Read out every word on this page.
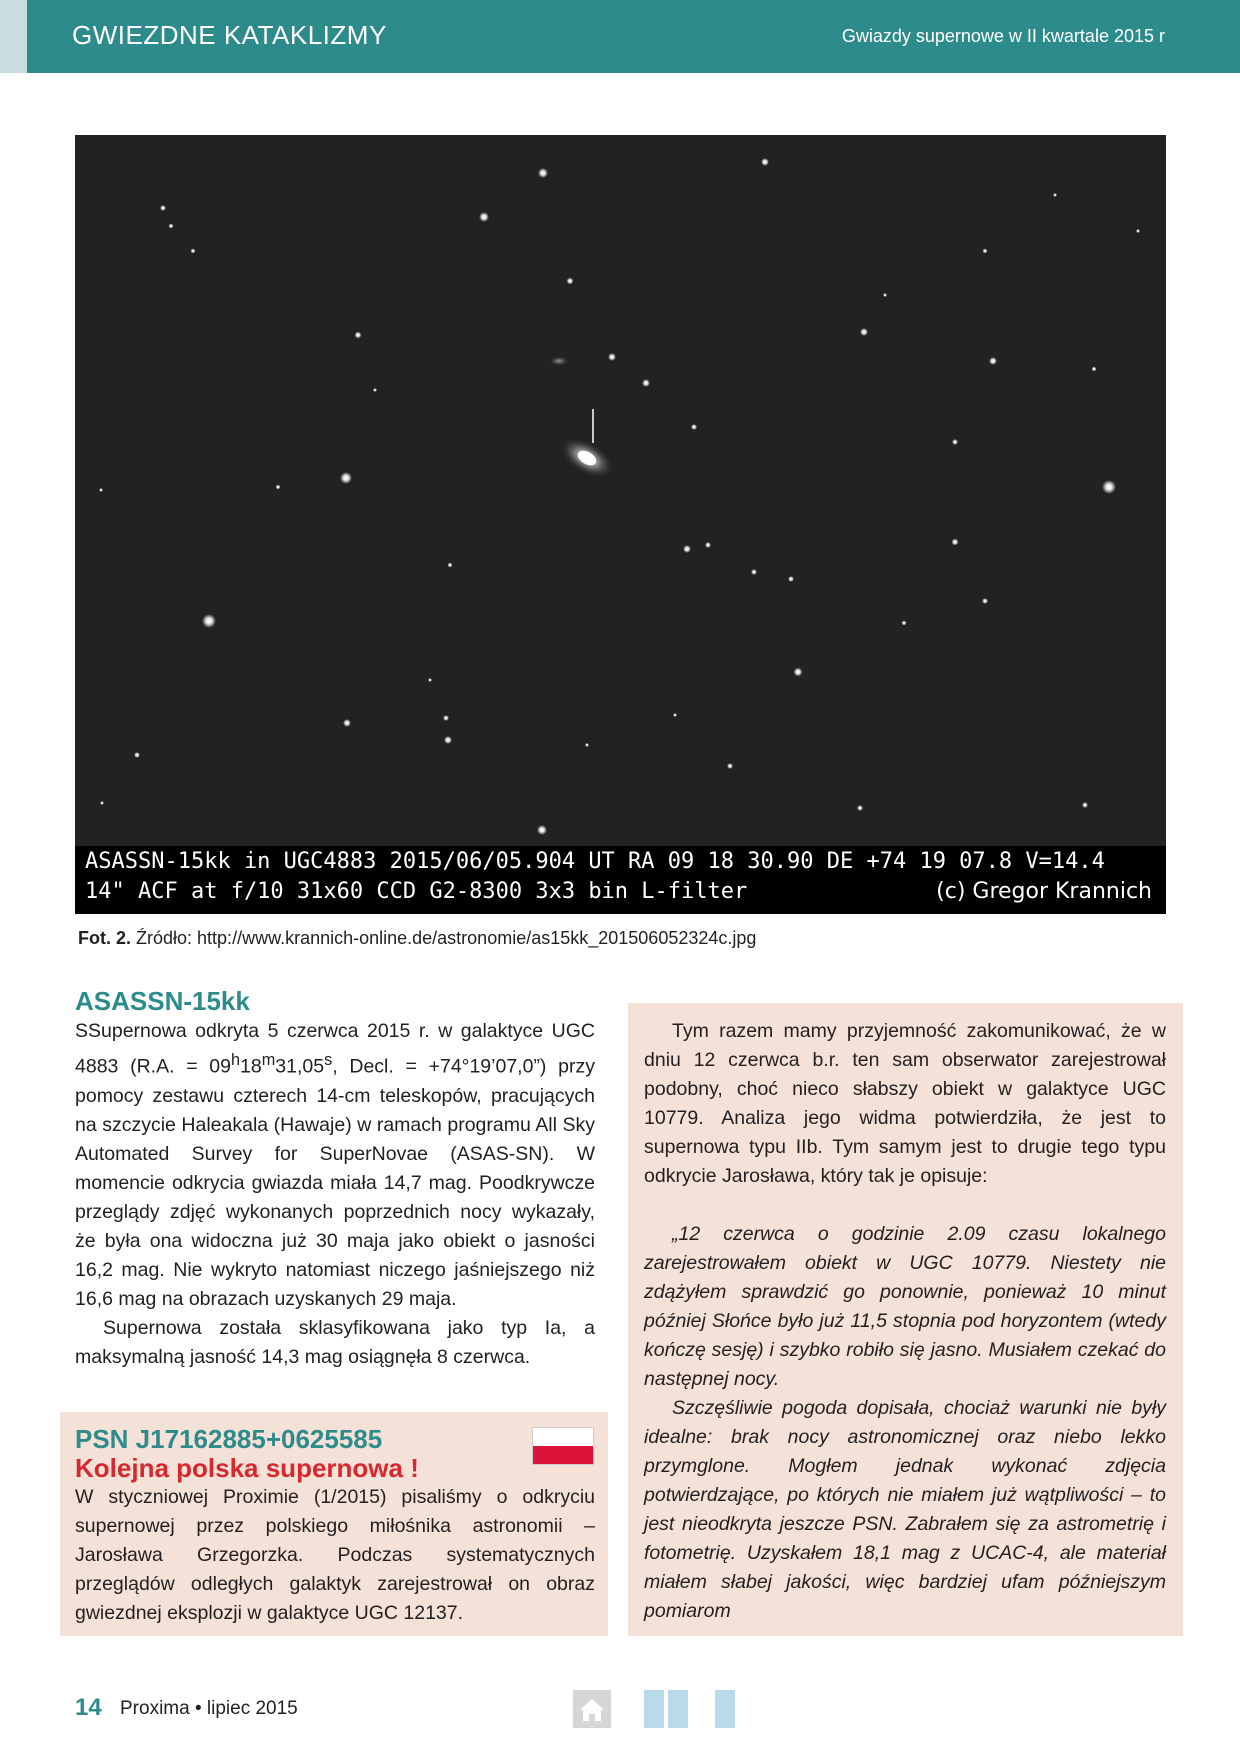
GWIEZDNE KATAKLIZMY	Gwiazdy supernowe w II kwartale 2015 r
ASASSN-15kk in UGC4883 2015/06/05.904 UT RA 09 18 30.90 DE +74 19 07.8 V=14.4
14" ACF at f/10 31x60 CCD G2-8300 3x3 bin L-filter	(c) Gregor Krannich
Fot. 2. Źródło: http://www.krannich-online.de/astronomie/as15kk_201506052324c.jpg
ASASSN-15kk

SSupernowa odkryta 5 czerwca 2015 r. w galaktyce UGC 4883 (R.A. = $09^h18^m31,05^s$, Decl. = +74°19’07,0”) przy pomocy zestawu czterech 14-cm teleskopów, pracujących na szczycie Haleakala (Hawaje) w ramach programu All Sky Automated Survey for SuperNovae (ASAS-SN). W momencie odkrycia gwiazda miała 14,7 mag. Poodkrywcze przeglądy zdjęć wykonanych poprzednich nocy wykazały, że była ona widoczna już 30 maja jako obiekt o jasności 16,2 mag. Nie wykryto natomiast niczego jaśniejszego niż 16,6 mag na obrazach uzyskanych 29 maja.

Supernowa została sklasyfikowana jako typ Ia, a maksymalną jasność 14,3 mag osiągnęła 8 czerwca.

PSN J17162885+0625585
Kolejna polska supernowa !
W styczniowej Proximie (1/2015) pisaliśmy o odkryciu supernowej przez polskiego miłośnika astronomii – Jarosława Grzegorzka. Podczas systematycznych przeglądów odległych galaktyk zarejestrował on obraz gwiezdnej eksplozji w galaktyce UGC 12137.

Tym razem mamy przyjemność zakomunikować, że w dniu 12 czerwca b.r. ten sam obserwator zarejestrował podobny, choć nieco słabszy obiekt w galaktyce UGC 10779. Analiza jego widma potwierdziła, że jest to supernowa typu IIb. Tym samym jest to drugie tego typu odkrycie Jarosława, który tak je opisuje:

„12 czerwca o godzinie 2.09 czasu lokalnego zarejestrowałem obiekt w UGC 10779. Niestety nie zdążyłem sprawdzić go ponownie, ponieważ 10 minut później Słońce było już 11,5 stopnia pod horyzontem (wtedy kończę sesję) i szybko robiło się jasno. Musiałem czekać do następnej nocy.

Szczęśliwie pogoda dopisała, chociaż warunki nie były idealne: brak nocy astronomicznej oraz niebo lekko przymglone. Mogłem jednak wykonać zdjęcia potwierdzające, po których nie miałem już wątpliwości – to jest nieodkryta jeszcze PSN. Zabrałem się za astrometrię i fotometrię. Uzyskałem 18,1 mag z UCAC-4, ale materiał miałem słabej jakości, więc bardziej ufam późniejszym pomiarom

14 Proxima • lipiec 2015
